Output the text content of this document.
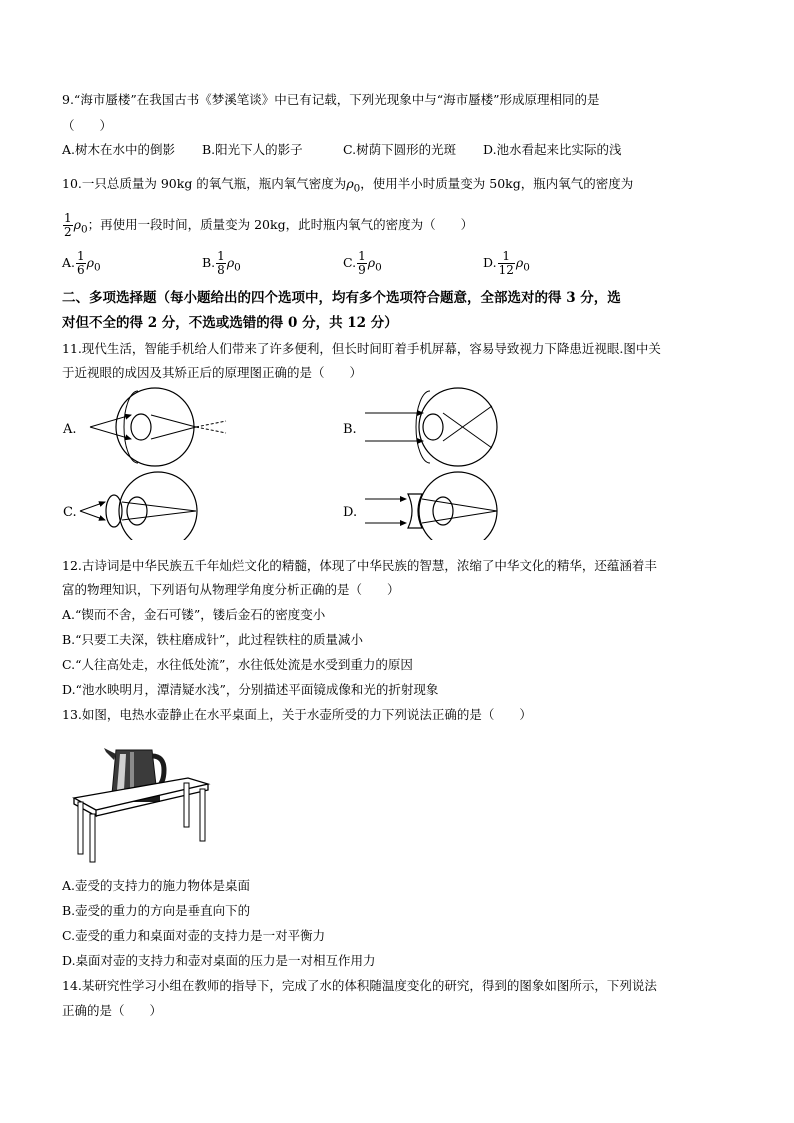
9.“海市蜃楼”在我国古书《梦溪笔谈》中已有记载，下列光现象中与“海市蜃楼”形成原理相同的是
（　　）
A.树木在水中的倒影 B.阳光下人的影子	C.树荫下圆形的光斑 D.池水看起来比实际的浅
10.一只总质量为 90kg 的氧气瓶，瓶内氧气密度为$\rho_0$，使用半小时质量变为 50kg，瓶内氧气的密度为
$\frac{1}{2} \rho_0$；再使用一段时间，质量变为 20kg，此时瓶内氧气的密度为（　　）
A. $\frac{1}{6} \rho_0$	B. $\frac{1}{8} \rho_0$	C. $\frac{1}{9} \rho_0$	D. $\frac{1}{12} \rho_0$
二、多项选择题（每小题给出的四个选项中，均有多个选项符合题意，全部选对的得 3 分，选
对但不全的得 2 分，不选或选错的得 0 分，共 12 分）
11.现代生活，智能手机给人们带来了许多便利，但长时间盯着手机屏幕，容易导致视力下降患近视眼.图中关
于近视眼的成因及其矫正后的原理图正确的是（　　）
A.	B.
C.	D.
12.古诗词是中华民族五千年灿烂文化的精髓，体现了中华民族的智慧，浓缩了中华文化的精华，还蕴涵着丰
富的物理知识，下列语句从物理学角度分析正确的是（　　）
A.“锲而不舍，金石可镂”，镂后金石的密度变小
B.“只要工夫深，铁柱磨成针”，此过程铁柱的质量减小
C.“人往高处走，水往低处流”，水往低处流是水受到重力的原因
D.“池水映明月，潭清疑水浅”，分别描述平面镜成像和光的折射现象
13.如图，电热水壶静止在水平桌面上，关于水壶所受的力下列说法正确的是（　　）
A.壶受的支持力的施力物体是桌面
B.壶受的重力的方向是垂直向下的
C.壶受的重力和桌面对壶的支持力是一对平衡力
D.桌面对壶的支持力和壶对桌面的压力是一对相互作用力
14.某研究性学习小组在教师的指导下，完成了水的体积随温度变化的研究，得到的图象如图所示，下列说法
正确的是（　　）
